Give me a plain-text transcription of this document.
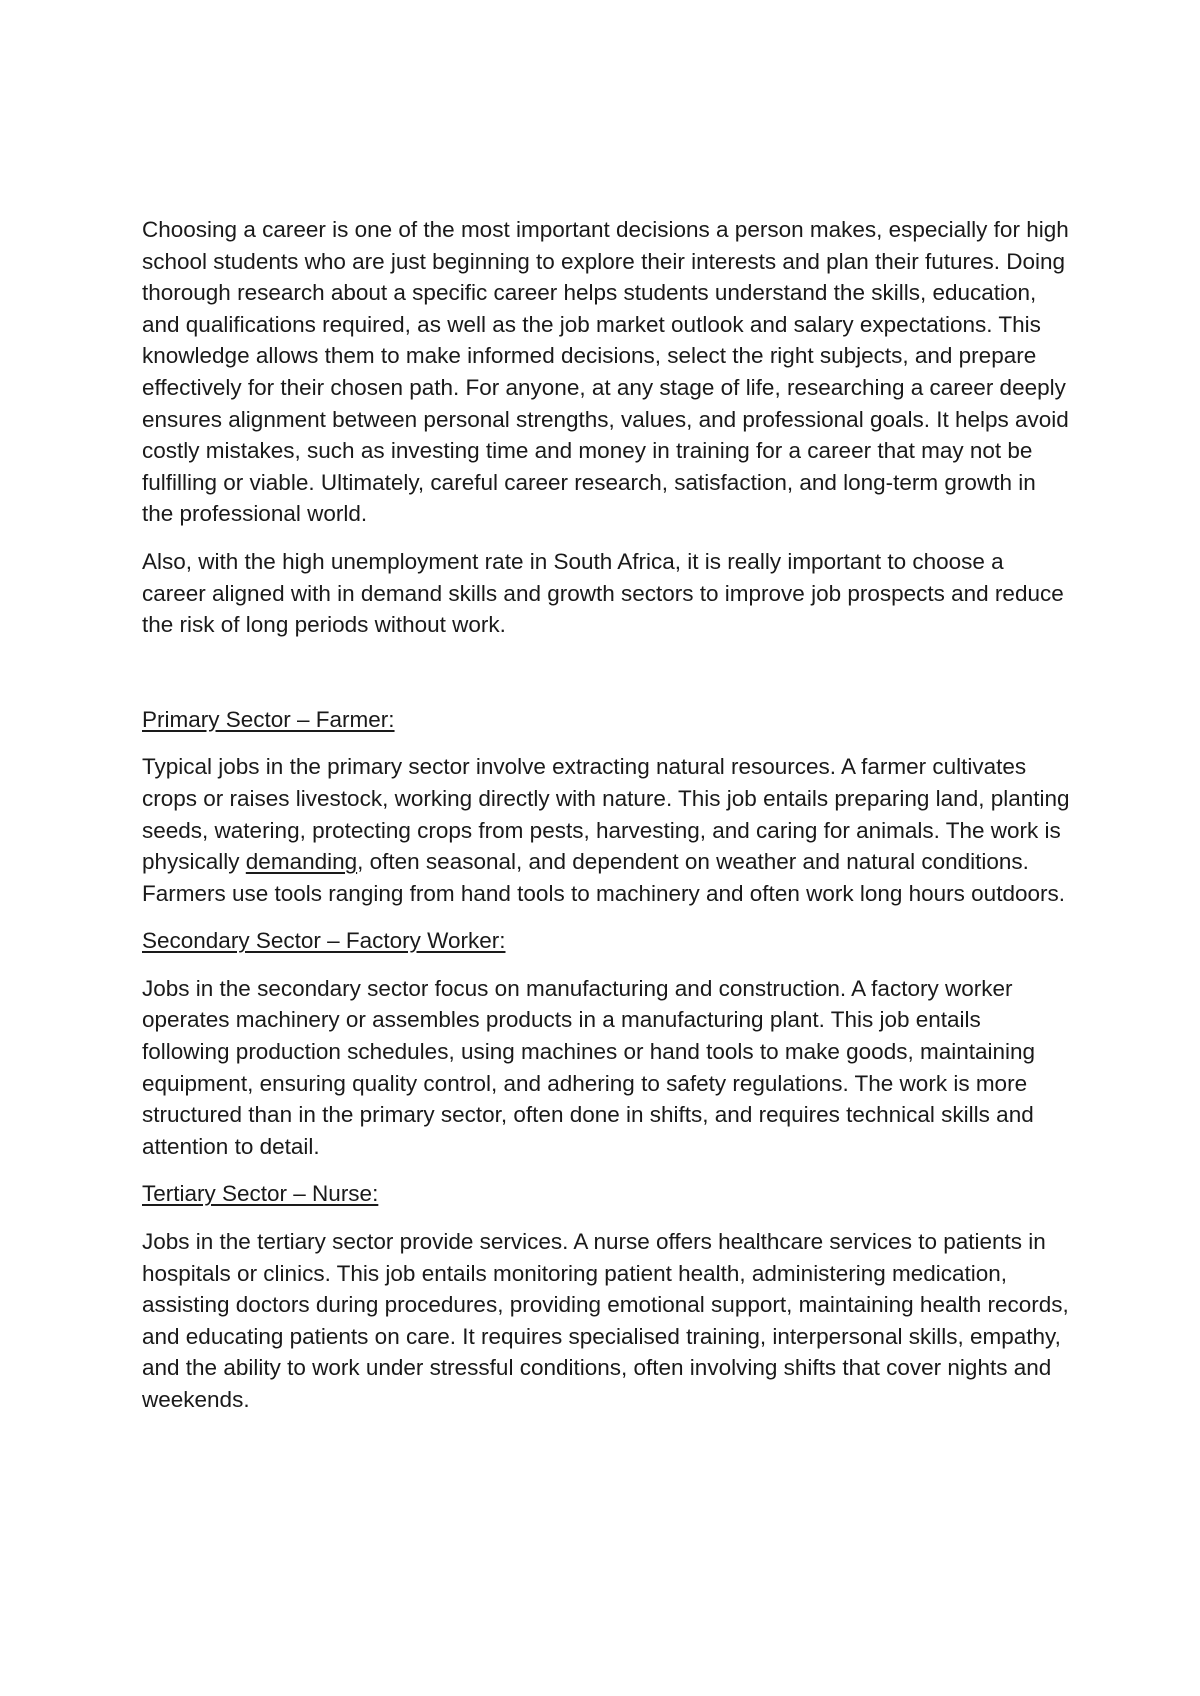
Choosing a career is one of the most important decisions a person makes, especially for high school students who are just beginning to explore their interests and plan their futures. Doing thorough research about a specific career helps students understand the skills, education, and qualifications required, as well as the job market outlook and salary expectations. This knowledge allows them to make informed decisions, select the right subjects, and prepare effectively for their chosen path. For anyone, at any stage of life, researching a career deeply ensures alignment between personal strengths, values, and professional goals. It helps avoid costly mistakes, such as investing time and money in training for a career that may not be fulfilling or viable. Ultimately, careful career research, satisfaction, and long-term growth in the professional world.

Also, with the high unemployment rate in South Africa, it is really important to choose a career aligned with in demand skills and growth sectors to improve job prospects and reduce the risk of long periods without work.

Primary Sector – Farmer:

Typical jobs in the primary sector involve extracting natural resources. A farmer cultivates crops or raises livestock, working directly with nature. This job entails preparing land, planting seeds, watering, protecting crops from pests, harvesting, and caring for animals. The work is physically demanding, often seasonal, and dependent on weather and natural conditions. Farmers use tools ranging from hand tools to machinery and often work long hours outdoors.

Secondary Sector – Factory Worker:

Jobs in the secondary sector focus on manufacturing and construction. A factory worker operates machinery or assembles products in a manufacturing plant. This job entails following production schedules, using machines or hand tools to make goods, maintaining equipment, ensuring quality control, and adhering to safety regulations. The work is more structured than in the primary sector, often done in shifts, and requires technical skills and attention to detail.

Tertiary Sector – Nurse:

Jobs in the tertiary sector provide services. A nurse offers healthcare services to patients in hospitals or clinics. This job entails monitoring patient health, administering medication, assisting doctors during procedures, providing emotional support, maintaining health records, and educating patients on care. It requires specialised training, interpersonal skills, empathy, and the ability to work under stressful conditions, often involving shifts that cover nights and weekends.
